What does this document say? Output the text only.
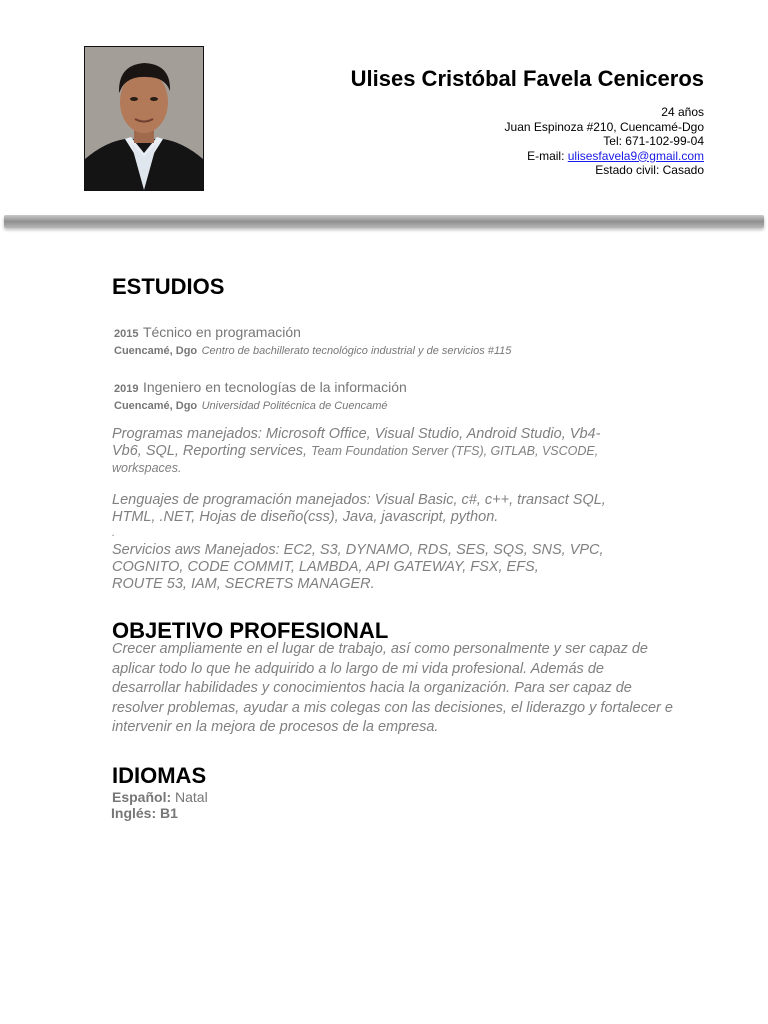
Ulises Cristóbal Favela Ceniceros
24 años
Juan Espinoza #210, Cuencamé-Dgo
Tel: 671-102-99-04
E-mail: ulisesfavela9@gmail.com
Estado civil: Casado
ESTUDIOS
2015 Técnico en programación
Cuencamé, Dgo Centro de bachillerato tecnológico industrial y de servicios #115
2019 Ingeniero en tecnologías de la información
Cuencamé, Dgo Universidad Politécnica de Cuencamé
Programas manejados: Microsoft Office, Visual Studio, Android Studio, Vb4-
Vb6, SQL, Reporting services, Team Foundation Server (TFS), GITLAB, VSCODE,
workspaces.
Lenguajes de programación manejados: Visual Basic, c#, c++, transact SQL,
HTML, .NET, Hojas de diseño(css), Java, javascript, python.
.
Servicios aws Manejados: EC2, S3, DYNAMO, RDS, SES, SQS, SNS, VPC,
COGNITO, CODE COMMIT, LAMBDA, API GATEWAY, FSX, EFS,
ROUTE 53, IAM, SECRETS MANAGER.
OBJETIVO PROFESIONAL
Crecer ampliamente en el lugar de trabajo, así como personalmente y ser capaz de
aplicar todo lo que he adquirido a lo largo de mi vida profesional. Además de
desarrollar habilidades y conocimientos hacia la organización. Para ser capaz de
resolver problemas, ayudar a mis colegas con las decisiones, el liderazgo y fortalecer e
intervenir en la mejora de procesos de la empresa.
IDIOMAS
Español: Natal
Inglés: B1
